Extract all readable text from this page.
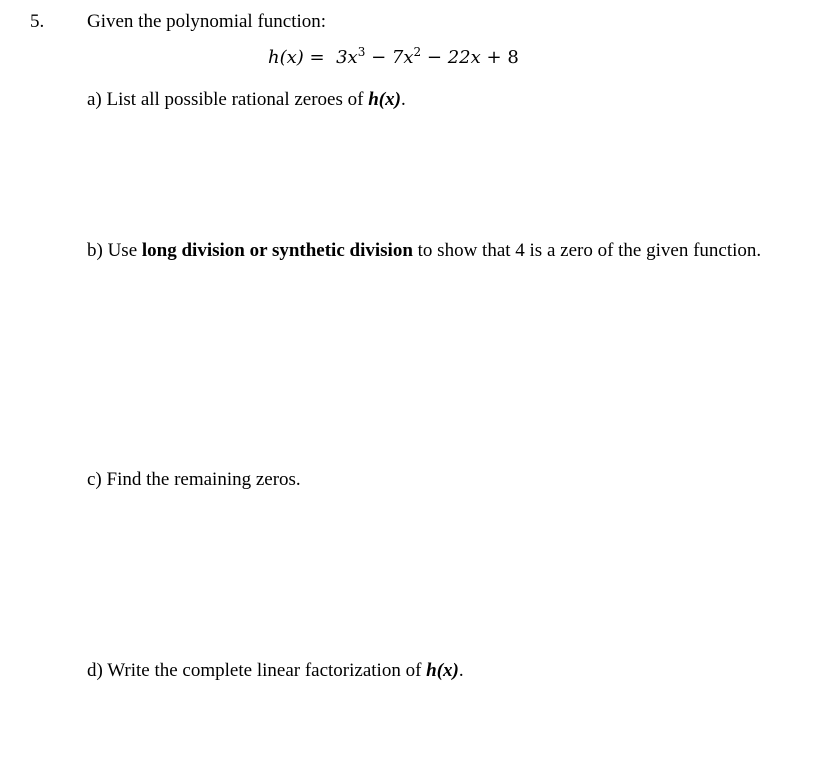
5. Given the polynomial function:
$h(x) = 3x^3 - 7x^2 - 22x + 8$
a) List all possible rational zeroes of h(x).
b) Use long division or synthetic division to show that 4 is a zero of the given function.
c) Find the remaining zeros.
d) Write the complete linear factorization of h(x).
